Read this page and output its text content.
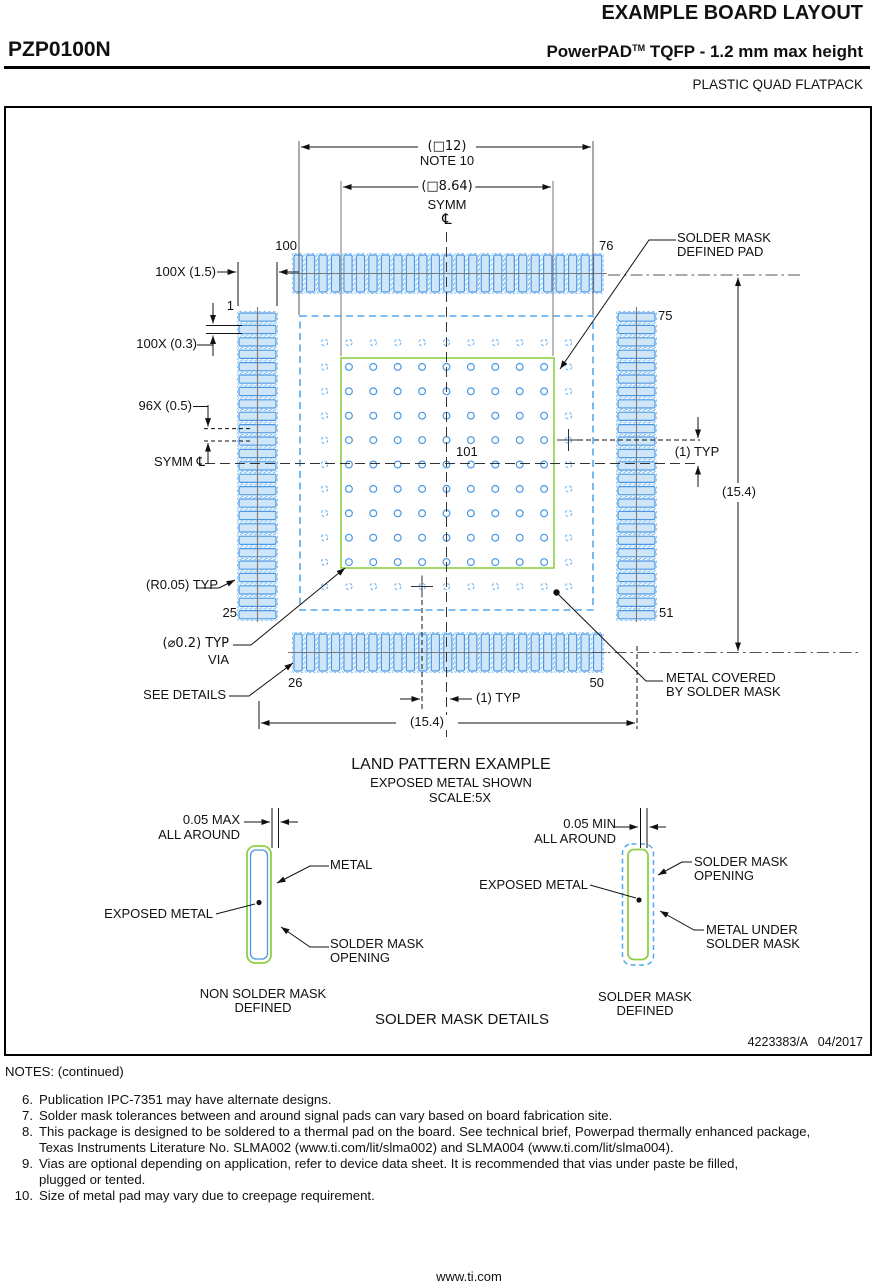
EXAMPLE BOARD LAYOUT
PZP0100N	PowerPAD™ TQFP - 1.2 mm max height
PLASTIC QUAD FLATPACK
(□12)
NOTE 10
(□8.64)
SYMM
℄
100	76
1
75
25	51
26	50
101
100X (1.5)
100X (0.3)
96X (0.5)
SYMM ℄
(R0.05) TYP
(⌀0.2) TYP
VIA
SEE DETAILS
SOLDER MASK
DEFINED PAD
(1) TYP
(15.4)
METAL COVERED
BY SOLDER MASK
(1) TYP
(15.4)
LAND PATTERN EXAMPLE
EXPOSED METAL SHOWN
SCALE:5X
0.05 MAX
ALL AROUND
METAL
EXPOSED METAL
SOLDER MASK
OPENING
NON SOLDER MASK
DEFINED
0.05 MIN
ALL AROUND
SOLDER MASK
OPENING
EXPOSED METAL
METAL UNDER
SOLDER MASK
SOLDER MASK
DEFINED
SOLDER MASK DETAILS
4223383/A   04/2017
NOTES: (continued)
6. Publication IPC-7351 may have alternate designs.
7. Solder mask tolerances between and around signal pads can vary based on board fabrication site.
8. This package is designed to be soldered to a thermal pad on the board. See technical brief, Powerpad thermally enhanced package,
Texas Instruments Literature No. SLMA002 (www.ti.com/lit/slma002) and SLMA004 (www.ti.com/lit/slma004).
9. Vias are optional depending on application, refer to device data sheet. It is recommended that vias under paste be filled,
plugged or tented.
10. Size of metal pad may vary due to creepage requirement.
www.ti.com
